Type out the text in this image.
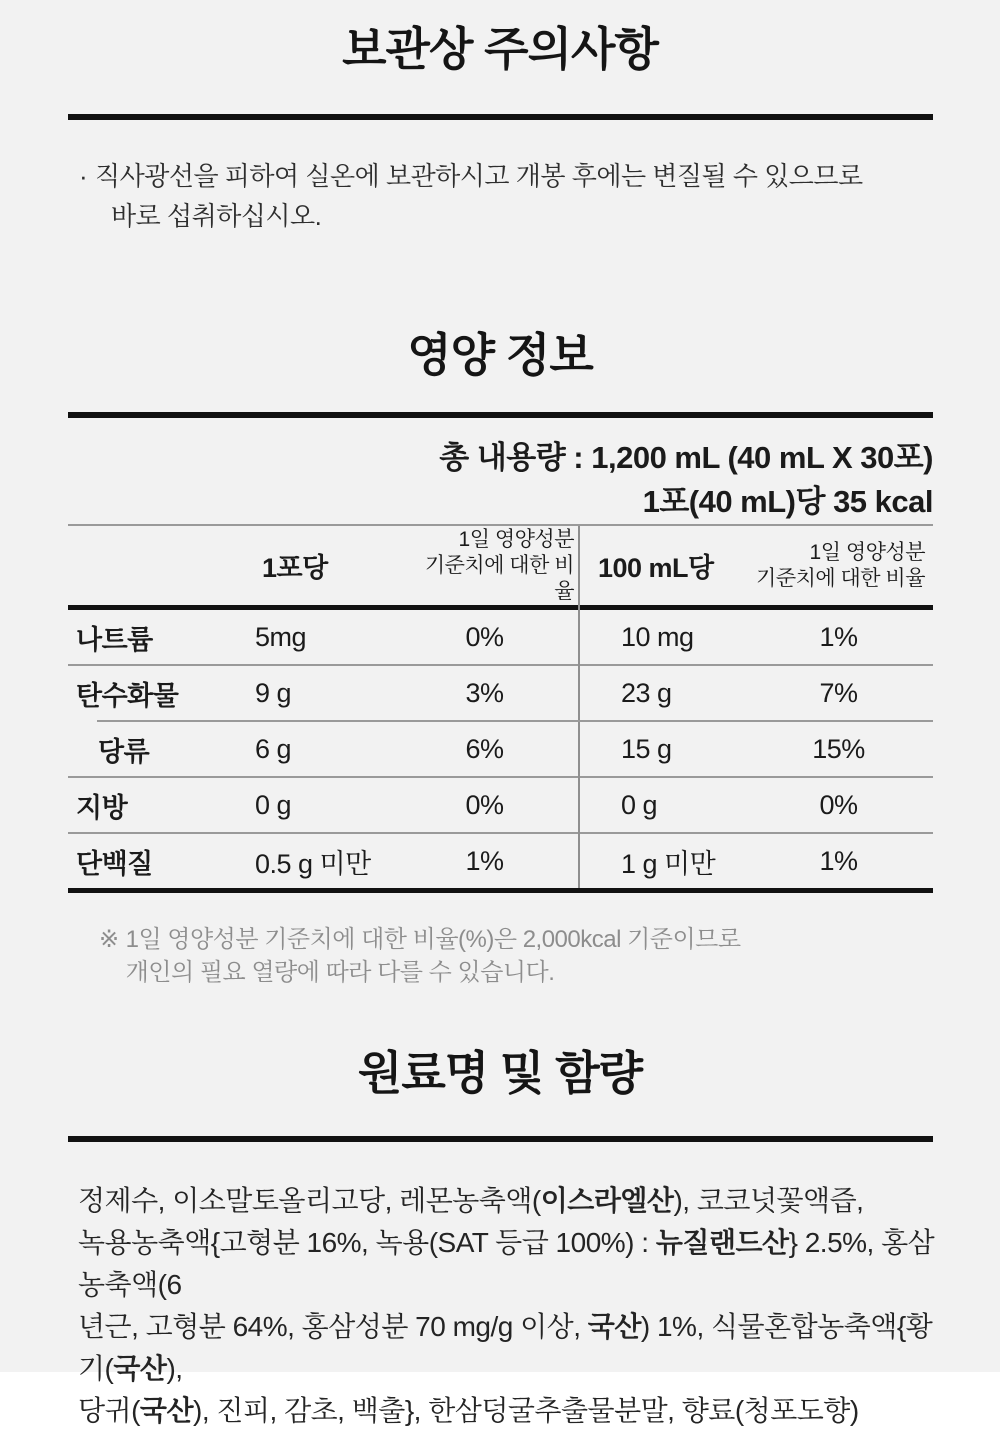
보관상 주의사항
· 직사광선을 피하여 실온에 보관하시고 개봉 후에는 변질될 수 있으므로
바로 섭취하십시오.
영양 정보
총 내용량 : 1,200 mL (40 mL X 30포)
1포(40 mL)당 35 kcal
1포당
1일 영양성분
기준치에 대한 비율
100 mL당
1일 영양성분
기준치에 대한 비율
나트륨	5mg	0%	10 mg	1%
탄수화물	9 g	3%	23 g	7%
당류	6 g	6%	15 g	15%
지방	0 g	0%	0 g	0%
단백질	0.5 g 미만	1%	1 g 미만	1%
※ 1일 영양성분 기준치에 대한 비율(%)은 2,000kcal 기준이므로
개인의 필요 열량에 따라 다를 수 있습니다.
원료명 및 함량
정제수, 이소말토올리고당, 레몬농축액(이스라엘산), 코코넛꽃액즙,
녹용농축액{고형분 16%, 녹용(SAT 등급 100%) : 뉴질랜드산} 2.5%, 홍삼농축액(6
년근, 고형분 64%, 홍삼성분 70 mg/g 이상, 국산) 1%, 식물혼합농축액{황기(국산),
당귀(국산), 진피, 감초, 백출}, 한삼덩굴추출물분말, 향료(청포도향)
